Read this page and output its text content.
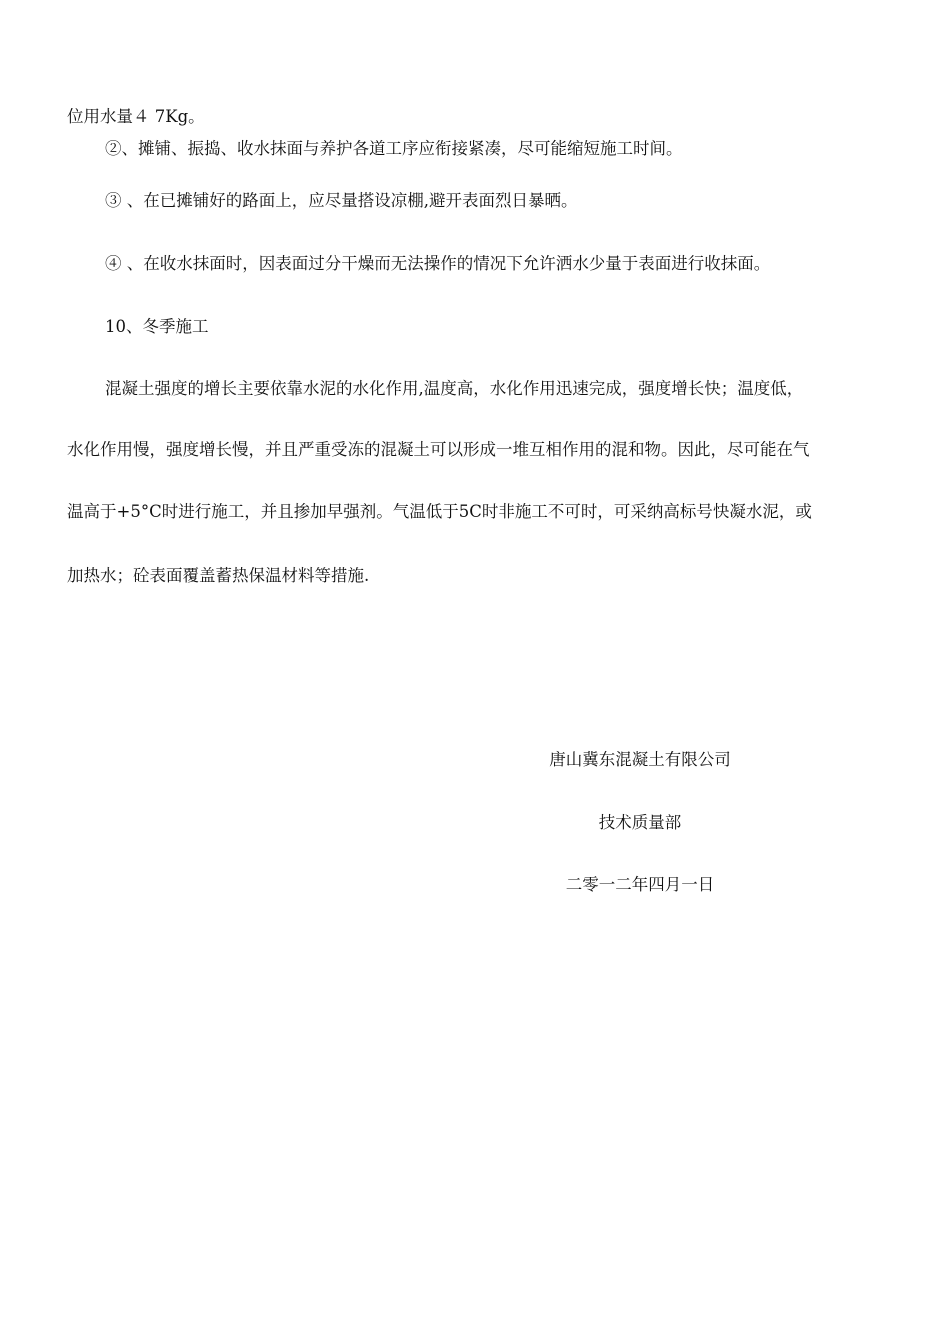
位用水量４ 7Kg。
②、摊铺、振捣、收水抹面与养护各道工序应衔接紧凑，尽可能缩短施工时间。
③ 、在已摊铺好的路面上，应尽量搭设凉棚,避开表面烈日暴晒。
④ 、在收水抹面时，因表面过分干燥而无法操作的情况下允许洒水少量于表面进行收抹面。
10、冬季施工
混凝土强度的增长主要依靠水泥的水化作用,温度高，水化作用迅速完成，强度增长快；温度低，
水化作用慢，强度增长慢，并且严重受冻的混凝土可以形成一堆互相作用的混和物。因此，尽可能在气
温高于+5°C时进行施工，并且掺加早强剂。气温低于5C时非施工不可时，可采纳高标号快凝水泥，或
加热水；砼表面覆盖蓄热保温材料等措施.
唐山冀东混凝土有限公司
技术质量部
二零一二年四月一日
